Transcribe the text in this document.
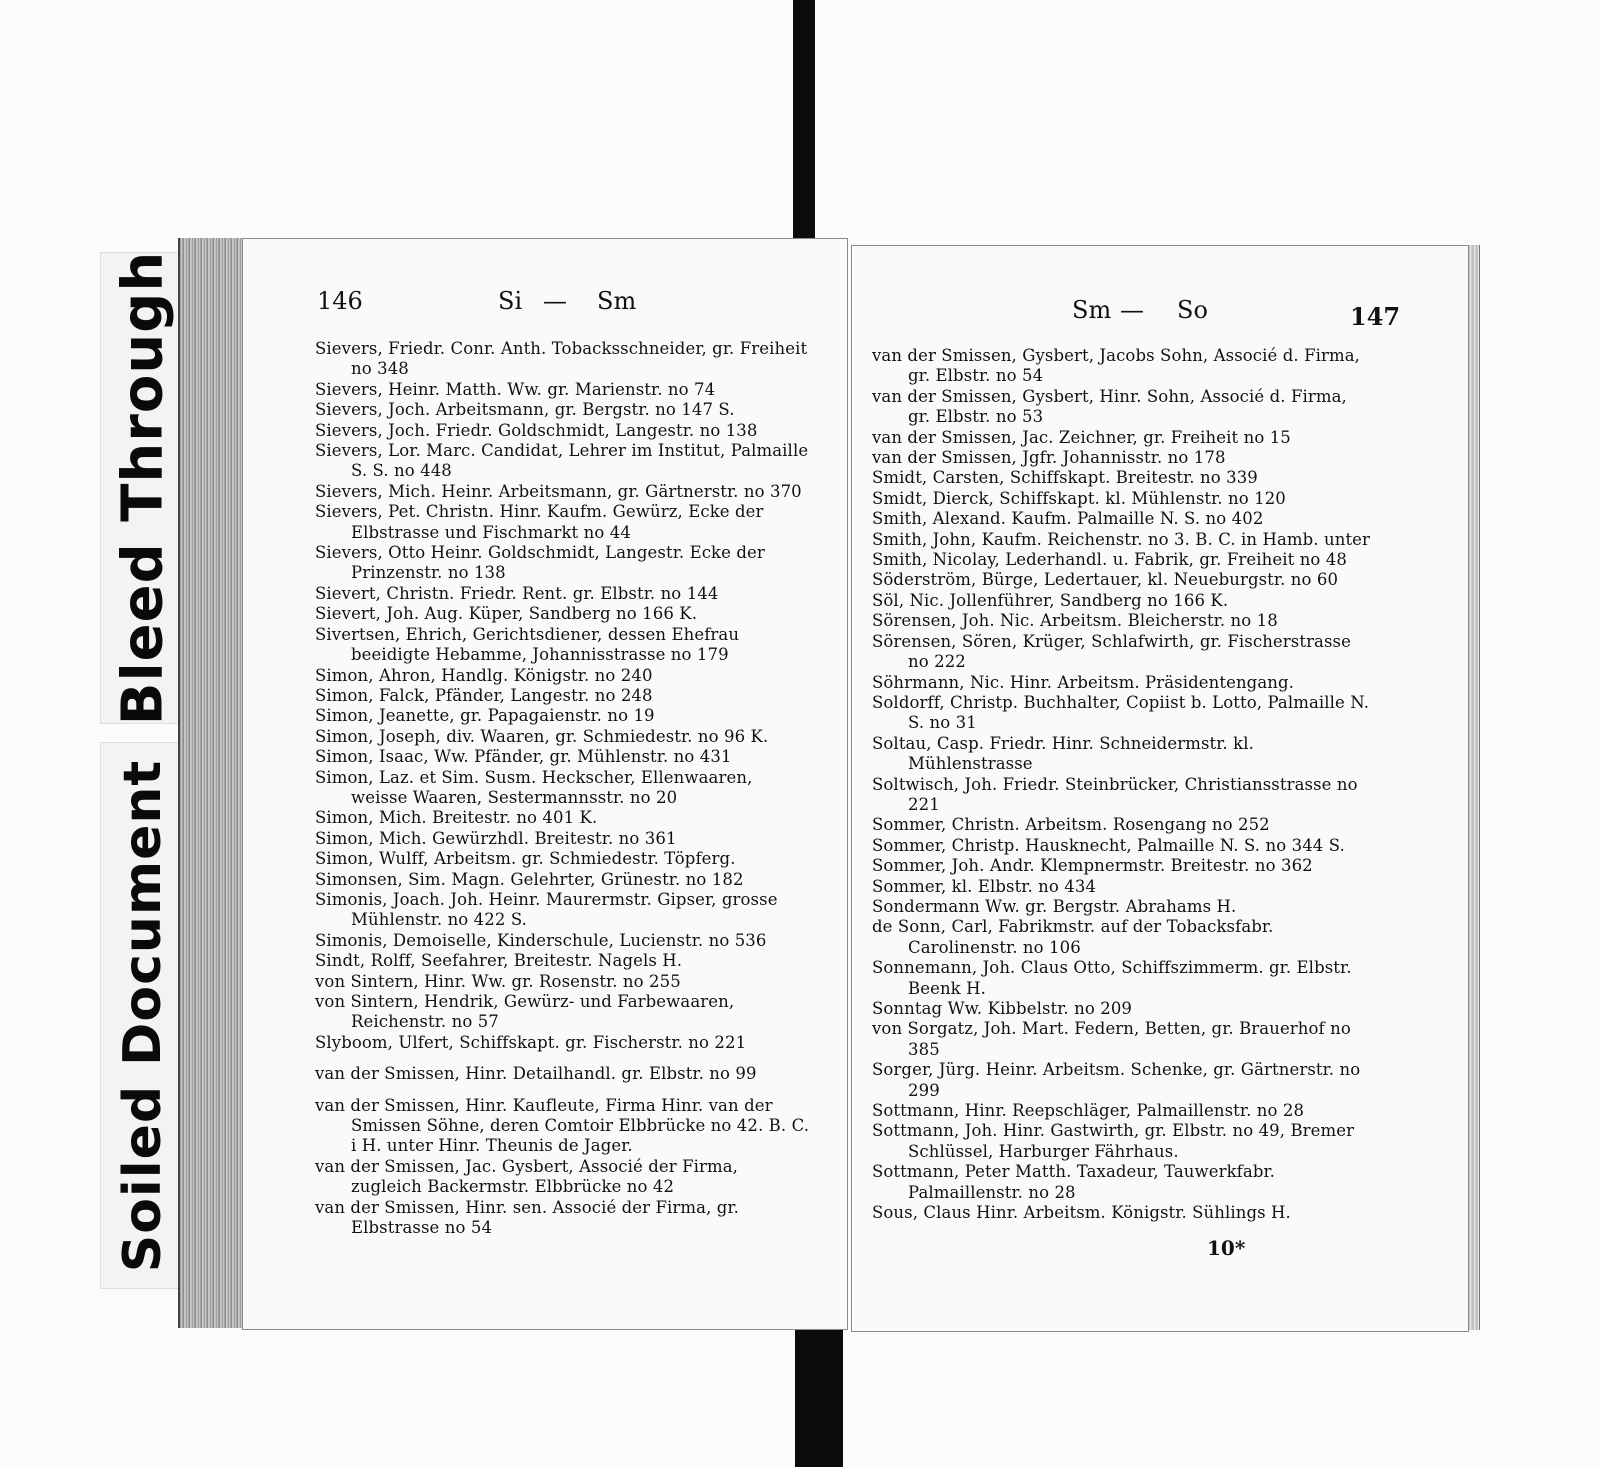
Bleed Through
Soiled Document
146	Si — Sm
Sievers, Friedr. Conr. Anth. Tobacksschneider, gr. Freiheit no 348
Sievers, Heinr. Matth. Ww. gr. Marienstr. no 74
Sievers, Joch. Arbeitsmann, gr. Bergstr. no 147 S.
Sievers, Joch. Friedr. Goldschmidt, Langestr. no 138
Sievers, Lor. Marc. Candidat, Lehrer im Institut, Palmaille S. S. no 448
Sievers, Mich. Heinr. Arbeitsmann, gr. Gärtnerstr. no 370
Sievers, Pet. Christn. Hinr. Kaufm. Gewürz, Ecke der Elbstrasse und Fischmarkt no 44
Sievers, Otto Heinr. Goldschmidt, Langestr. Ecke der Prinzenstr. no 138
Sievert, Christn. Friedr. Rent. gr. Elbstr. no 144
Sievert, Joh. Aug. Küper, Sandberg no 166 K.
Sivertsen, Ehrich, Gerichtsdiener, dessen Ehefrau beeidigte Hebamme, Johannisstrasse no 179
Simon, Ahron, Handlg. Königstr. no 240
Simon, Falck, Pfänder, Langestr. no 248
Simon, Jeanette, gr. Papagaienstr. no 19
Simon, Joseph, div. Waaren, gr. Schmiedestr. no 96 K.
Simon, Isaac, Ww. Pfänder, gr. Mühlenstr. no 431
Simon, Laz. et Sim. Susm. Heckscher, Ellenwaaren, weisse Waaren, Sestermannsstr. no 20
Simon, Mich. Breitestr. no 401 K.
Simon, Mich. Gewürzhdl. Breitestr. no 361
Simon, Wulff, Arbeitsm. gr. Schmiedestr. Töpferg.
Simonsen, Sim. Magn. Gelehrter, Grünestr. no 182
Simonis, Joach. Joh. Heinr. Maurermstr. Gipser, grosse Mühlenstr. no 422 S.
Simonis, Demoiselle, Kinderschule, Lucienstr. no 536
Sindt, Rolff, Seefahrer, Breitestr. Nagels H.
von Sintern, Hinr. Ww. gr. Rosenstr. no 255
von Sintern, Hendrik, Gewürz- und Farbewaaren, Reichenstr. no 57
Slyboom, Ulfert, Schiffskapt. gr. Fischerstr. no 221
van der Smissen, Hinr. Detailhandl. gr. Elbstr. no 99
van der Smissen, Hinr. Kaufleute, Firma Hinr. van der Smissen Söhne, deren Comtoir Elbbrücke no 42. B. C. i H. unter Hinr. Theunis de Jager.
van der Smissen, Jac. Gysbert, Associé der Firma, zugleich Backermstr. Elbbrücke no 42
van der Smissen, Hinr. sen. Associé der Firma, gr. Elbstrasse no 54
Sm — So	147
van der Smissen, Gysbert, Jacobs Sohn, Associé d. Firma, gr. Elbstr. no 54
van der Smissen, Gysbert, Hinr. Sohn, Associé d. Firma, gr. Elbstr. no 53
van der Smissen, Jac. Zeichner, gr. Freiheit no 15
van der Smissen, Jgfr. Johannisstr. no 178
Smidt, Carsten, Schiffskapt. Breitestr. no 339
Smidt, Dierck, Schiffskapt. kl. Mühlenstr. no 120
Smith, Alexand. Kaufm. Palmaille N. S. no 402
Smith, John, Kaufm. Reichenstr. no 3. B. C. in Hamb. unter
Smith, Nicolay, Lederhandl. u. Fabrik, gr. Freiheit no 48
Söderström, Bürge, Ledertauer, kl. Neueburgstr. no 60
Söl, Nic. Jollenführer, Sandberg no 166 K.
Sörensen, Joh. Nic. Arbeitsm. Bleicherstr. no 18
Sörensen, Sören, Krüger, Schlafwirth, gr. Fischerstrasse no 222
Söhrmann, Nic. Hinr. Arbeitsm. Präsidentengang.
Soldorff, Christp. Buchhalter, Copiist b. Lotto, Palmaille N. S. no 31
Soltau, Casp. Friedr. Hinr. Schneidermstr. kl. Mühlenstrasse
Soltwisch, Joh. Friedr. Steinbrücker, Christiansstrasse no 221
Sommer, Christn. Arbeitsm. Rosengang no 252
Sommer, Christp. Hausknecht, Palmaille N. S. no 344 S.
Sommer, Joh. Andr. Klempnermstr. Breitestr. no 362
Sommer, kl. Elbstr. no 434
Sondermann Ww. gr. Bergstr. Abrahams H.
de Sonn, Carl, Fabrikmstr. auf der Tobacksfabr. Carolinenstr. no 106
Sonnemann, Joh. Claus Otto, Schiffszimmerm. gr. Elbstr. Beenk H.
Sonntag Ww. Kibbelstr. no 209
von Sorgatz, Joh. Mart. Federn, Betten, gr. Brauerhof no 385
Sorger, Jürg. Heinr. Arbeitsm. Schenke, gr. Gärtnerstr. no 299
Sottmann, Hinr. Reepschläger, Palmaillenstr. no 28
Sottmann, Joh. Hinr. Gastwirth, gr. Elbstr. no 49, Bremer Schlüssel, Harburger Fährhaus.
Sottmann, Peter Matth. Taxadeur, Tauwerkfabr. Palmaillenstr. no 28
Sous, Claus Hinr. Arbeitsm. Königstr. Sühlings H.
10*
